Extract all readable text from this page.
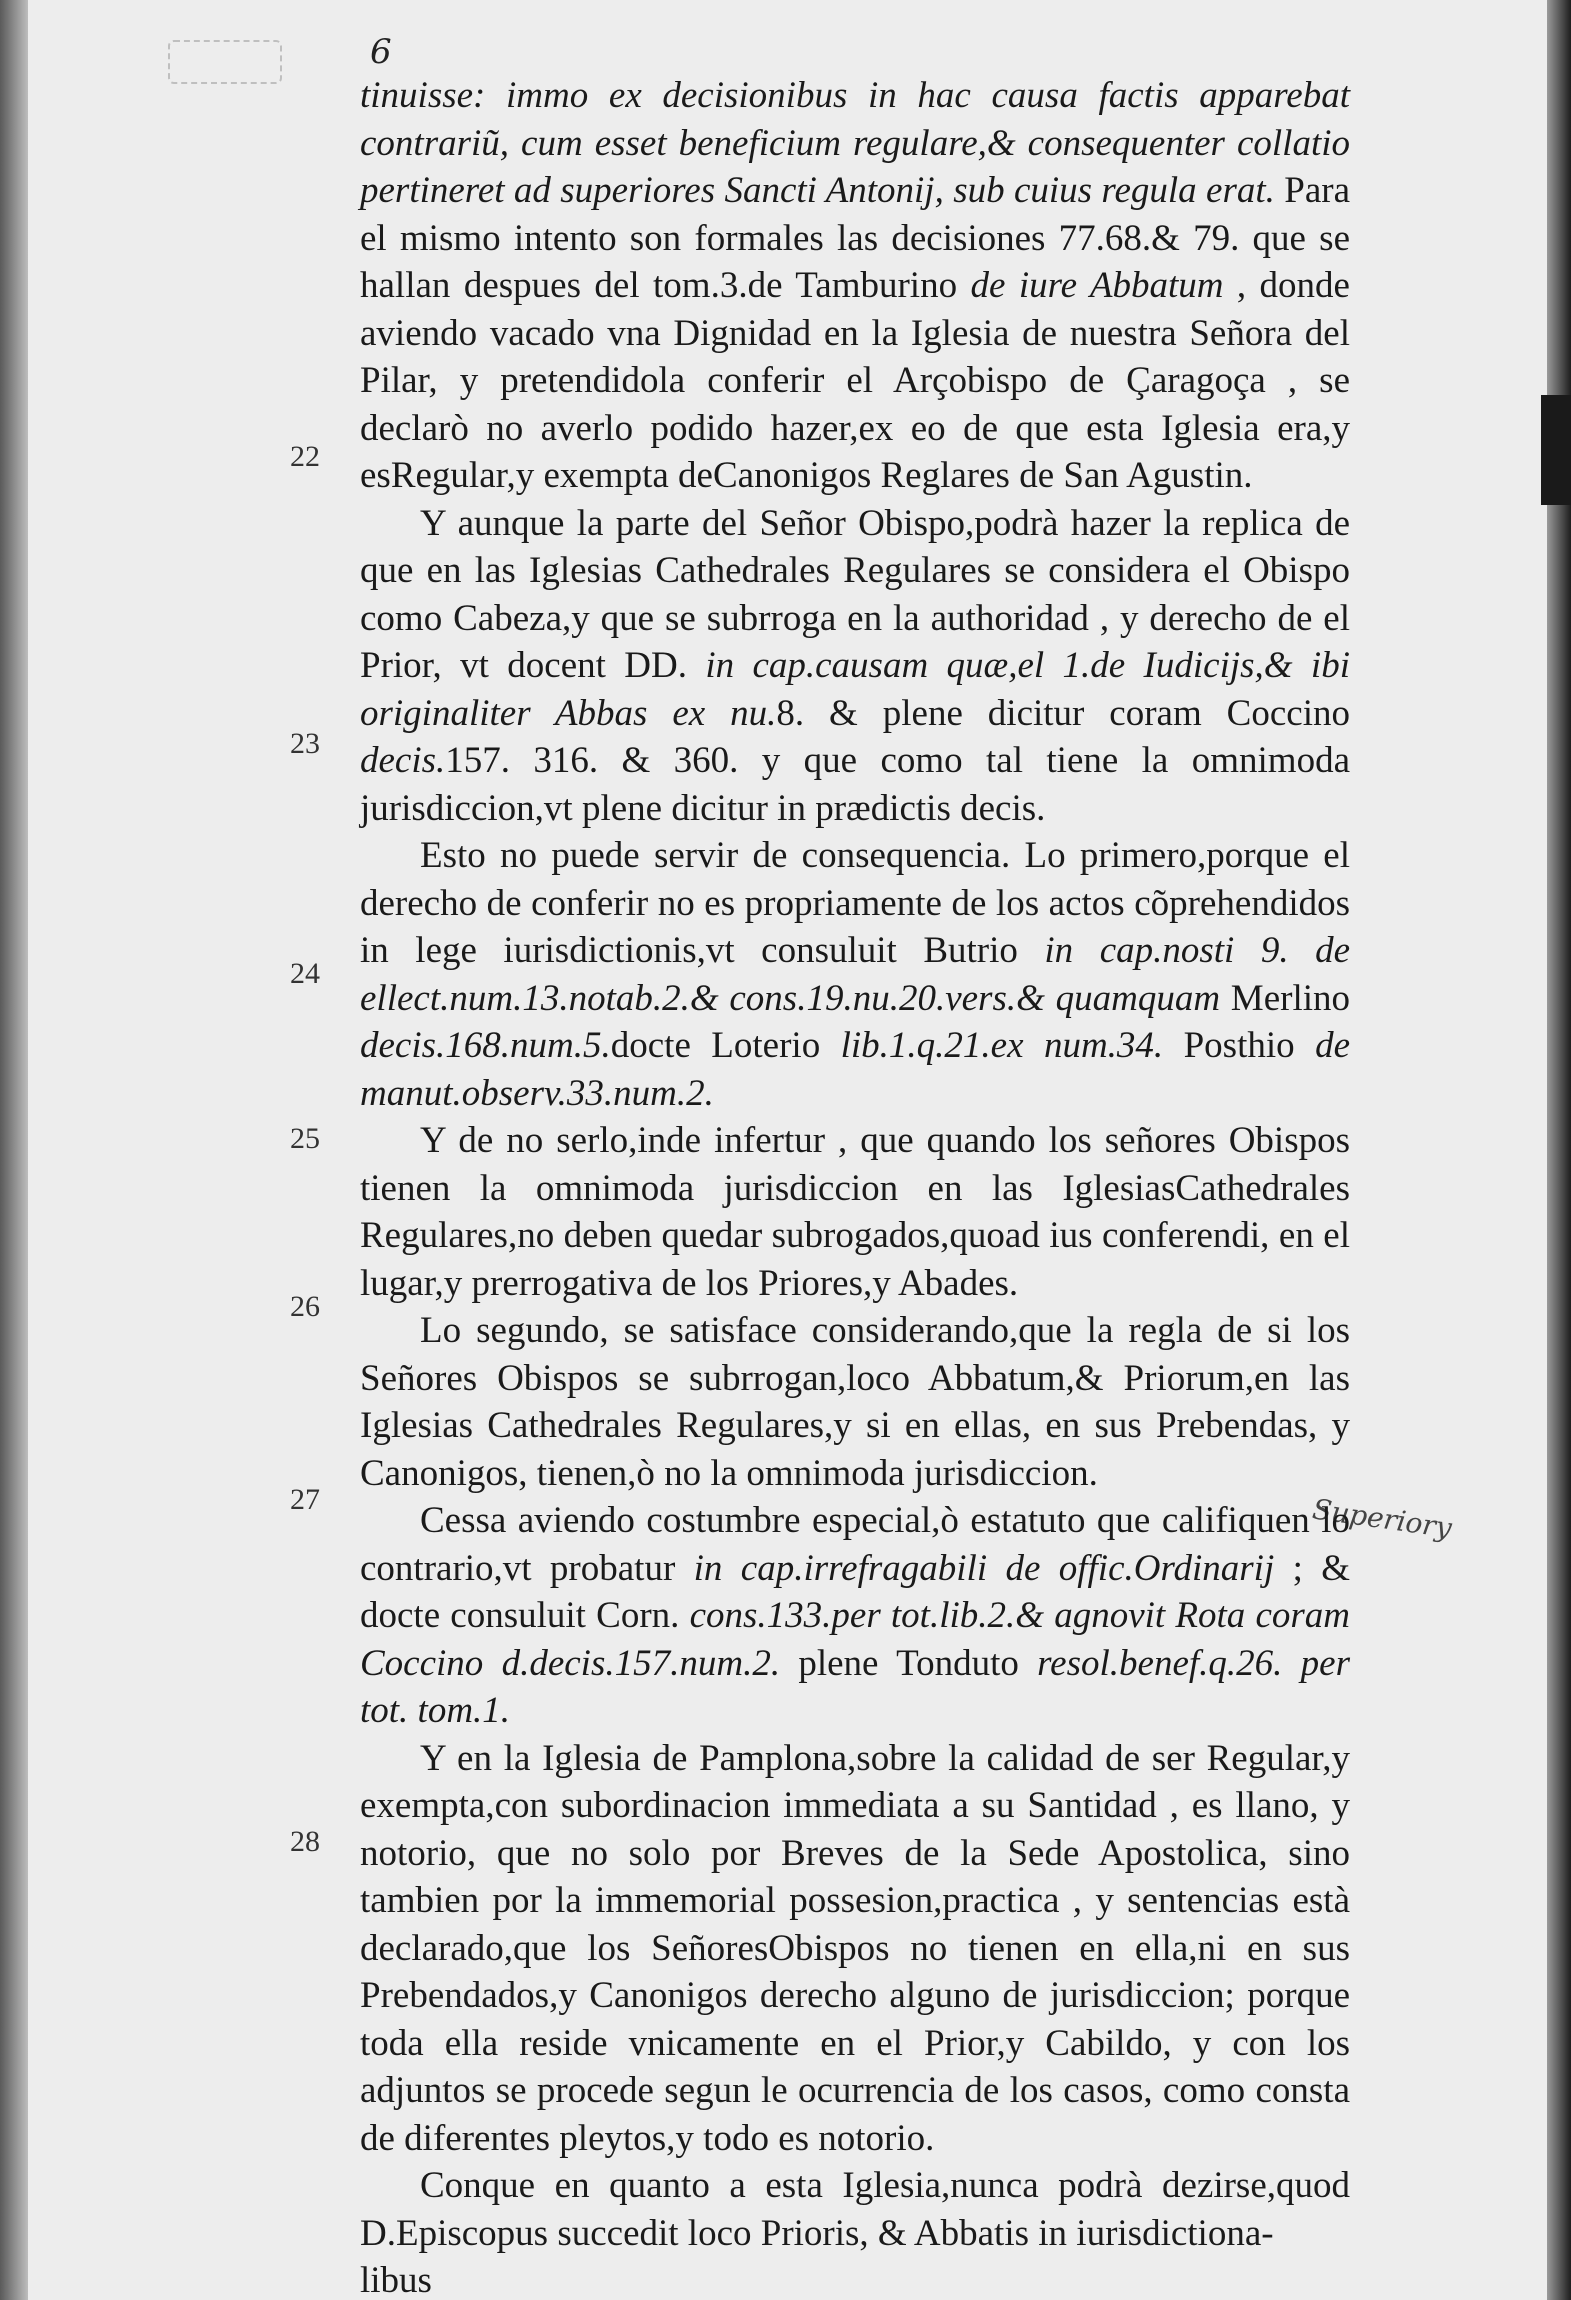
6
22
23
24
25
26
27
28
Superiory

tinuisse: immo ex decisionibus in hac causa factis apparebat contrariũ, cum esset beneficium regulare,& consequenter collatio pertineret ad superiores Sancti Antonij, sub cuius regula erat. Para el mismo intento son formales las decisiones 77.68.& 79. que se hallan despues del tom.3.de Tamburino de iure Abbatum , donde aviendo vacado vna Dignidad en la Iglesia de nuestra Señora del Pilar, y pretendidola conferir el Arçobispo de Çaragoça , se declarò no averlo podido hazer,ex eo de que esta Iglesia era,y esRegular,y exempta deCanonigos Reglares de San Agustin.

Y aunque la parte del Señor Obispo,podrà hazer la replica de que en las Iglesias Cathedrales Regulares se considera el Obispo como Cabeza,y que se subrroga en la authoridad , y derecho de el Prior, vt docent DD. in cap.causam quæ,el 1.de Iudicijs,& ibi originaliter Abbas ex nu.8. & plene dicitur coram Coccino decis.157. 316. & 360. y que como tal tiene la omnimoda jurisdiccion,vt plene dicitur in prædictis decis.

Esto no puede servir de consequencia. Lo primero,porque el derecho de conferir no es propriamente de los actos cõprehendidos in lege iurisdictionis,vt consuluit Butrio in cap.nosti 9. de ellect.num.13.notab.2.& cons.19.nu.20.vers.& quamquam Merlino decis.168.num.5.docte Loterio lib.1.q.21.ex num.34. Posthio de manut.observ.33.num.2.

Y de no serlo,inde infertur , que quando los señores Obispos tienen la omnimoda jurisdiccion en las IglesiasCathedrales Regulares,no deben quedar subrogados,quoad ius conferendi, en el lugar,y prerrogativa de los Priores,y Abades.

Lo segundo, se satisface considerando,que la regla de si los Señores Obispos se subrrogan,loco Abbatum,& Priorum,en las Iglesias Cathedrales Regulares,y si en ellas, en sus Prebendas, y Canonigos, tienen,ò no la omnimoda jurisdiccion.

Cessa aviendo costumbre especial,ò estatuto que califiquen lo contrario,vt probatur in cap.irrefragabili de offic.Ordinarij ; & docte consuluit Corn. cons.133.per tot.lib.2.& agnovit Rota coram Coccino d.decis.157.num.2. plene Tonduto resol.benef.q.26. per tot. tom.1.

Y en la Iglesia de Pamplona,sobre la calidad de ser Regular,y exempta,con subordinacion immediata a su Santidad , es llano, y notorio, que no solo por Breves de la Sede Apostolica, sino tambien por la immemorial possesion,practica , y sentencias està declarado,que los SeñoresObispos no tienen en ella,ni en sus Prebendados,y Canonigos derecho alguno de jurisdiccion; porque toda ella reside vnicamente en el Prior,y Cabildo, y con los adjuntos se procede segun le ocurrencia de los casos, como consta de diferentes pleytos,y todo es notorio.

Conque en quanto a esta Iglesia,nunca podrà dezirse,quod D.Episcopus succedit loco Prioris, & Abbatis in iurisdictiona-

libus
